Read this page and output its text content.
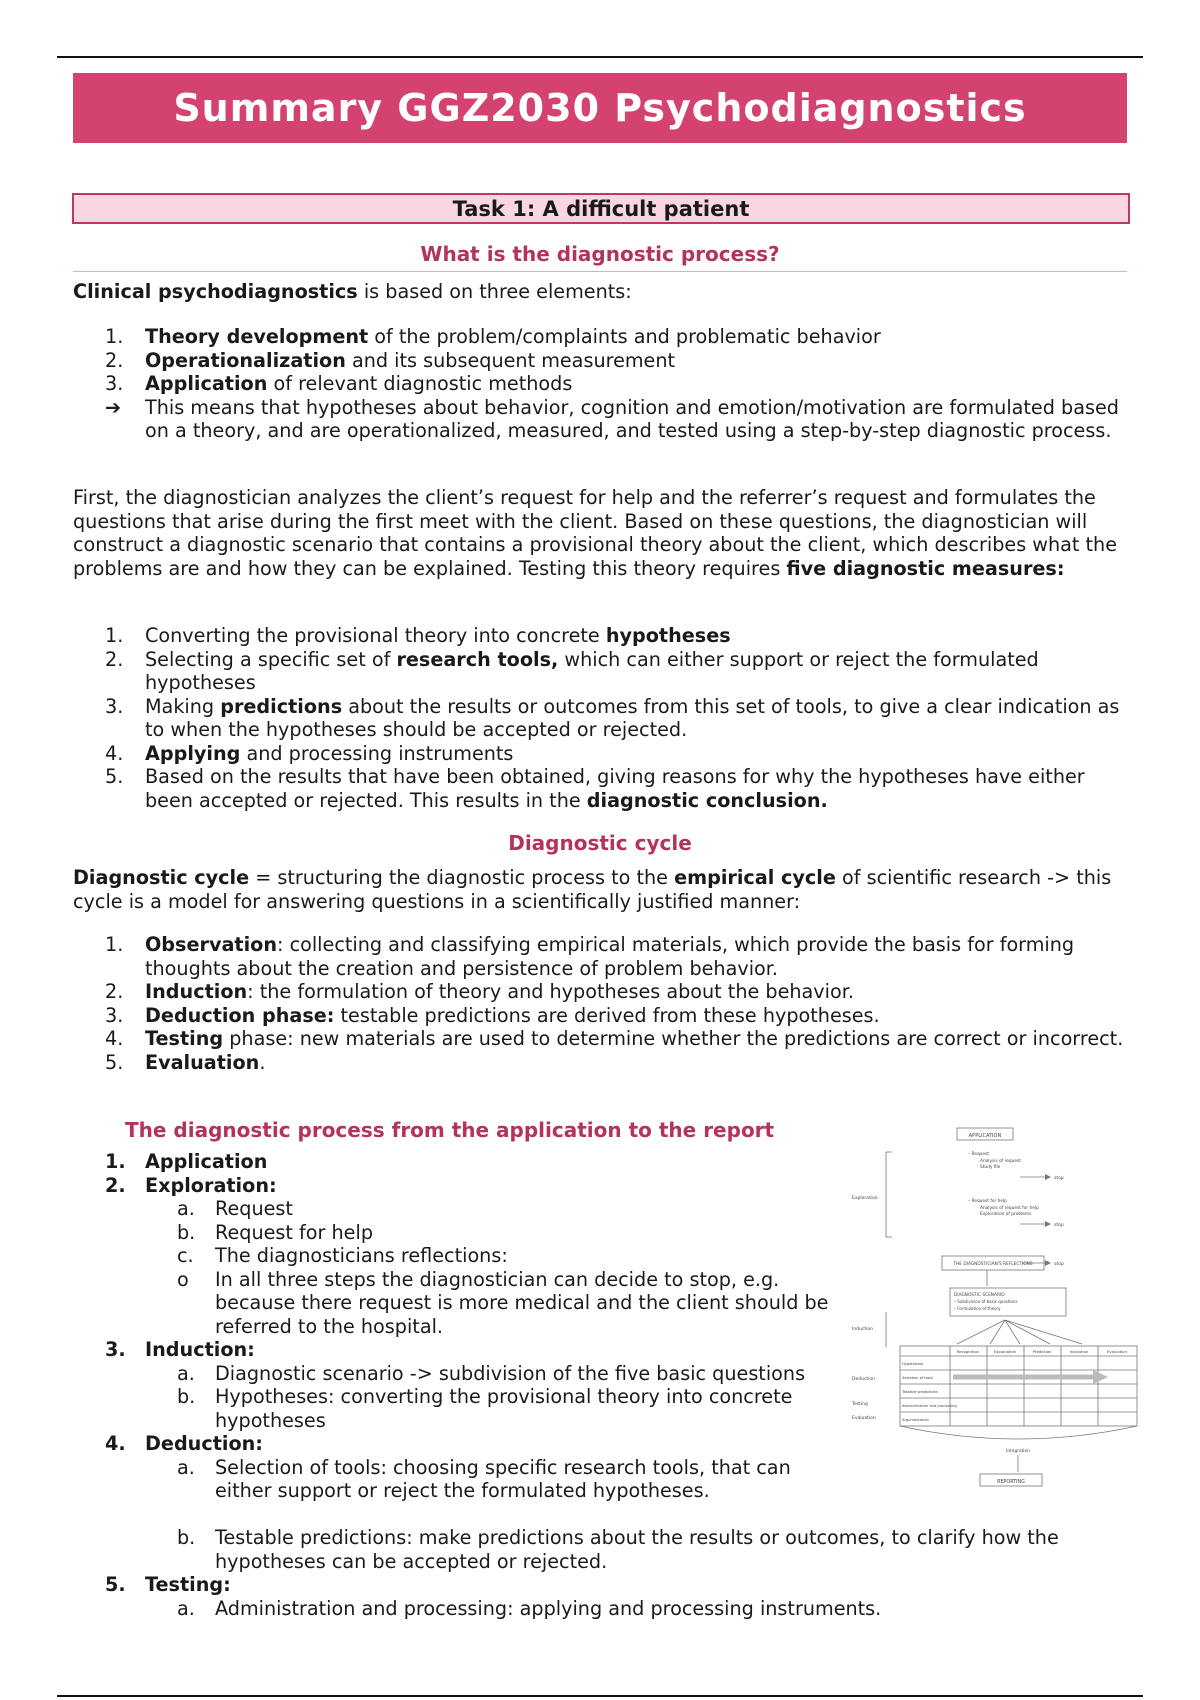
Summary GGZ2030 Psychodiagnostics
Task 1: A difficult patient
What is the diagnostic process?
Clinical psychodiagnostics is based on three elements:
1.	Theory development of the problem/complaints and problematic behavior
2.	Operationalization and its subsequent measurement
3.	Application of relevant diagnostic methods
➔	This means that hypotheses about behavior, cognition and emotion/motivation are formulated based on a theory, and are operationalized, measured, and tested using a step-by-step diagnostic process.
First, the diagnostician analyzes the client’s request for help and the referrer’s request and formulates the questions that arise during the first meet with the client. Based on these questions, the diagnostician will construct a diagnostic scenario that contains a provisional theory about the client, which describes what the problems are and how they can be explained. Testing this theory requires five diagnostic measures:
1.	Converting the provisional theory into concrete hypotheses
2.	Selecting a specific set of research tools, which can either support or reject the formulated hypotheses
3.	Making predictions about the results or outcomes from this set of tools, to give a clear indication as to when the hypotheses should be accepted or rejected.
4.	Applying and processing instruments
5.	Based on the results that have been obtained, giving reasons for why the hypotheses have either been accepted or rejected. This results in the diagnostic conclusion.
Diagnostic cycle
Diagnostic cycle = structuring the diagnostic process to the empirical cycle of scientific research -> this cycle is a model for answering questions in a scientifically justified manner:
1.	Observation: collecting and classifying empirical materials, which provide the basis for forming thoughts about the creation and persistence of problem behavior.
2.	Induction: the formulation of theory and hypotheses about the behavior.
3.	Deduction phase: testable predictions are derived from these hypotheses.
4.	Testing phase: new materials are used to determine whether the predictions are correct or incorrect.
5.	Evaluation.
The diagnostic process from the application to the report
1.	Application
2.	Exploration:
a.	Request
b.	Request for help
c.	The diagnosticians reflections:
o	In all three steps the diagnostician can decide to stop, e.g. because there request is more medical and the client should be referred to the hospital.
3.	Induction:
a.	Diagnostic scenario -> subdivision of the five basic questions
b.	Hypotheses: converting the provisional theory into concrete hypotheses
4.	Deduction:
a.	Selection of tools: choosing specific research tools, that can either support or reject the formulated hypotheses.
b.	Testable predictions: make predictions about the results or outcomes, to clarify how the hypotheses can be accepted or rejected.
5.	Testing:
a.	Administration and processing: applying and processing instruments.
APPLICATION
– Request
Analysis of request
Study file
– Request for help
Analysis of request for help
Exploration of problems
stop
stop
stop
Exploration
THE DIAGNOSTICIAN'S REFLECTIONS
DIAGNOSTIC SCENARIO
– Subdivision of basic questions
– Formulation of theory
Induction
Deduction
Testing
Evaluation
Recognition	Explanation	Prediction	Indication	Evaluation
Hypotheses
Selection of tools
Testable predictions
Administration and processing
Argumentation
Integration
REPORTING
